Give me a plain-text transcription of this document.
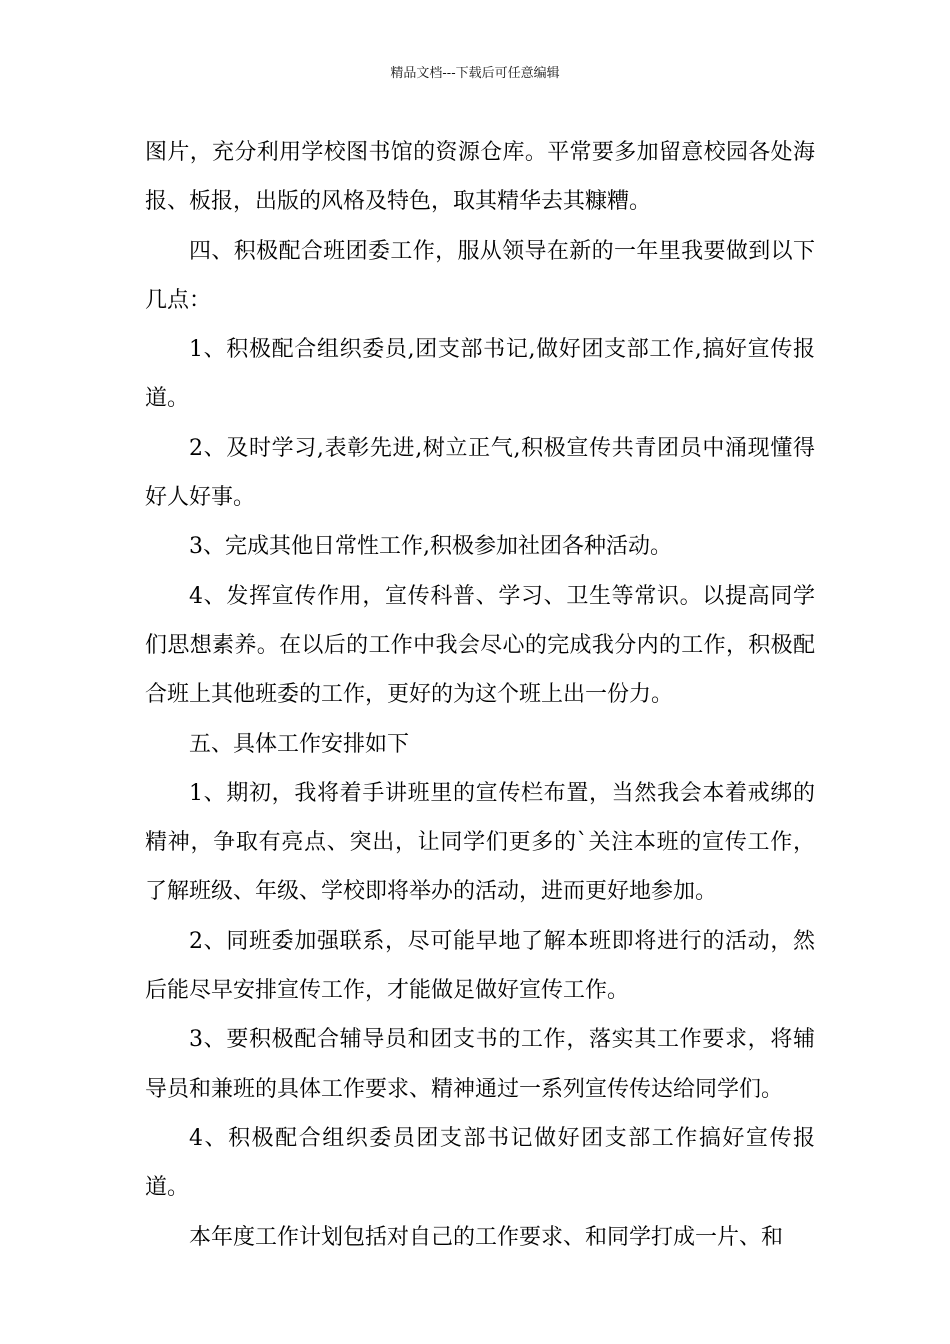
精品文档---下载后可任意编辑

图片，充分利用学校图书馆的资源仓库。平常要多加留意校园各处海报、板报，出版的风格及特色，取其精华去其糠糟。

四、积极配合班团委工作，服从领导在新的一年里我要做到以下几点：

1、积极配合组织委员,团支部书记,做好团支部工作,搞好宣传报道。

2、及时学习,表彰先进,树立正气,积极宣传共青团员中涌现懂得好人好事。

3、完成其他日常性工作,积极参加社团各种活动。

4、发挥宣传作用，宣传科普、学习、卫生等常识。以提高同学们思想素养。在以后的工作中我会尽心的完成我分内的工作，积极配合班上其他班委的工作，更好的为这个班上出一份力。

五、具体工作安排如下

1、期初，我将着手讲班里的宣传栏布置，当然我会本着戒绑的精神，争取有亮点、突出，让同学们更多的`关注本班的宣传工作，了解班级、年级、学校即将举办的活动，进而更好地参加。

2、同班委加强联系，尽可能早地了解本班即将进行的活动，然后能尽早安排宣传工作，才能做足做好宣传工作。

3、要积极配合辅导员和团支书的工作，落实其工作要求，将辅导员和兼班的具体工作要求、精神通过一系列宣传传达给同学们。

4、积极配合组织委员团支部书记做好团支部工作搞好宣传报道。

本年度工作计划包括对自己的工作要求、和同学打成一片、和
